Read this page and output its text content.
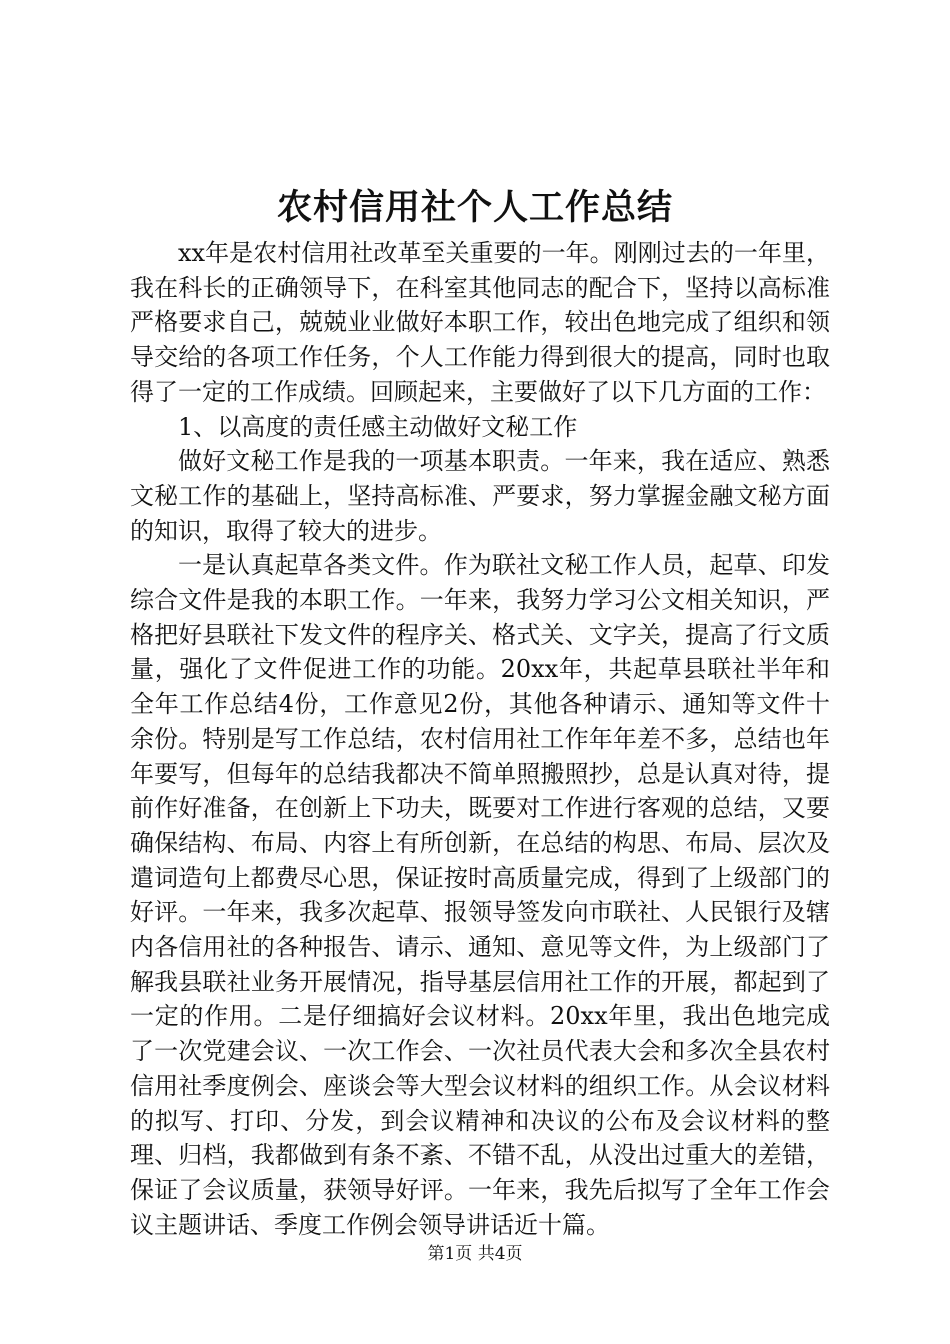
农村信用社个人工作总结

xx年是农村信用社改革至关重要的一年。刚刚过去的一年里，我在科长的正确领导下，在科室其他同志的配合下，坚持以高标准严格要求自己，兢兢业业做好本职工作，较出色地完成了组织和领导交给的各项工作任务，个人工作能力得到很大的提高，同时也取得了一定的工作成绩。回顾起来，主要做好了以下几方面的工作：

1、以高度的责任感主动做好文秘工作

做好文秘工作是我的一项基本职责。一年来，我在适应、熟悉文秘工作的基础上，坚持高标准、严要求，努力掌握金融文秘方面的知识，取得了较大的进步。

一是认真起草各类文件。作为联社文秘工作人员，起草、印发综合文件是我的本职工作。一年来，我努力学习公文相关知识，严格把好县联社下发文件的程序关、格式关、文字关，提高了行文质量，强化了文件促进工作的功能。20xx年，共起草县联社半年和全年工作总结4份，工作意见2份，其他各种请示、通知等文件十余份。特别是写工作总结，农村信用社工作年年差不多，总结也年年要写，但每年的总结我都决不简单照搬照抄，总是认真对待，提前作好准备，在创新上下功夫，既要对工作进行客观的总结，又要确保结构、布局、内容上有所创新，在总结的构思、布局、层次及遣词造句上都费尽心思，保证按时高质量完成，得到了上级部门的好评。一年来，我多次起草、报领导签发向市联社、人民银行及辖内各信用社的各种报告、请示、通知、意见等文件，为上级部门了解我县联社业务开展情况，指导基层信用社工作的开展，都起到了一定的作用。二是仔细搞好会议材料。20xx年里，我出色地完成了一次党建会议、一次工作会、一次社员代表大会和多次全县农村信用社季度例会、座谈会等大型会议材料的组织工作。从会议材料的拟写、打印、分发，到会议精神和决议的公布及会议材料的整理、归档，我都做到有条不紊、不错不乱，从没出过重大的差错，保证了会议质量，获领导好评。一年来，我先后拟写了全年工作会议主题讲话、季度工作例会领导讲话近十篇。

第1页 共4页
